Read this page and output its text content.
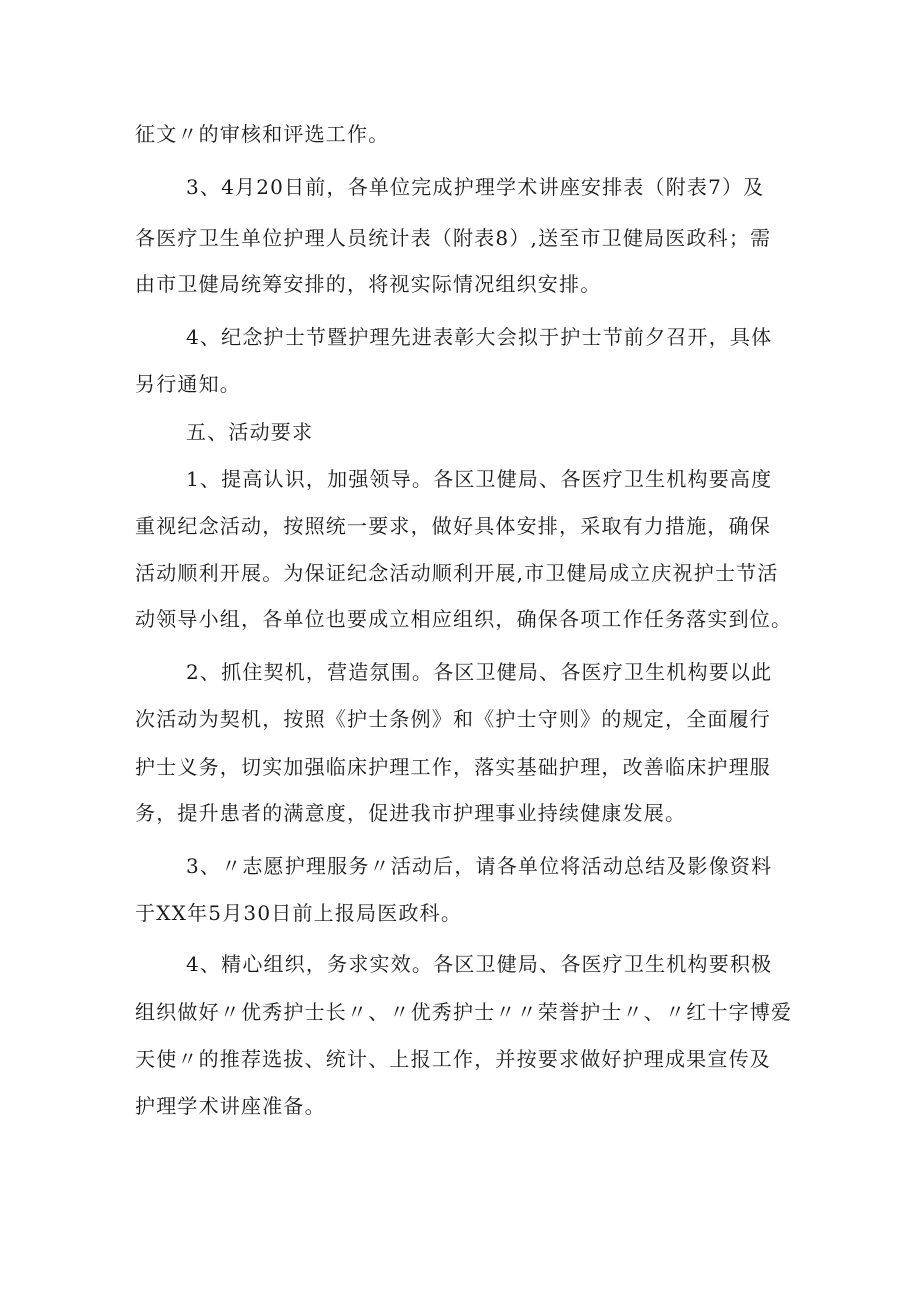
征文〃的审核和评选工作。
3、4月20日前，各单位完成护理学术讲座安排表（附表7）及
各医疗卫生单位护理人员统计表（附表8）,送至市卫健局医政科；需
由市卫健局统筹安排的，将视实际情况组织安排。
4、纪念护士节暨护理先进表彰大会拟于护士节前夕召开，具体
另行通知。
五、活动要求
1、提高认识，加强领导。各区卫健局、各医疗卫生机构要高度
重视纪念活动，按照统一要求，做好具体安排，采取有力措施，确保
活动顺利开展。为保证纪念活动顺利开展,市卫健局成立庆祝护士节活
动领导小组，各单位也要成立相应组织，确保各项工作任务落实到位。
2、抓住契机，营造氛围。各区卫健局、各医疗卫生机构要以此
次活动为契机，按照《护士条例》和《护士守则》的规定，全面履行
护士义务，切实加强临床护理工作，落实基础护理，改善临床护理服
务，提升患者的满意度，促进我市护理事业持续健康发展。
3、〃志愿护理服务〃活动后，请各单位将活动总结及影像资料
于XX年5月30日前上报局医政科。
4、精心组织，务求实效。各区卫健局、各医疗卫生机构要积极
组织做好〃优秀护士长〃、〃优秀护士〃〃荣誉护士〃、〃红十字博爱
天使〃的推荐选拔、统计、上报工作，并按要求做好护理成果宣传及
护理学术讲座准备。
